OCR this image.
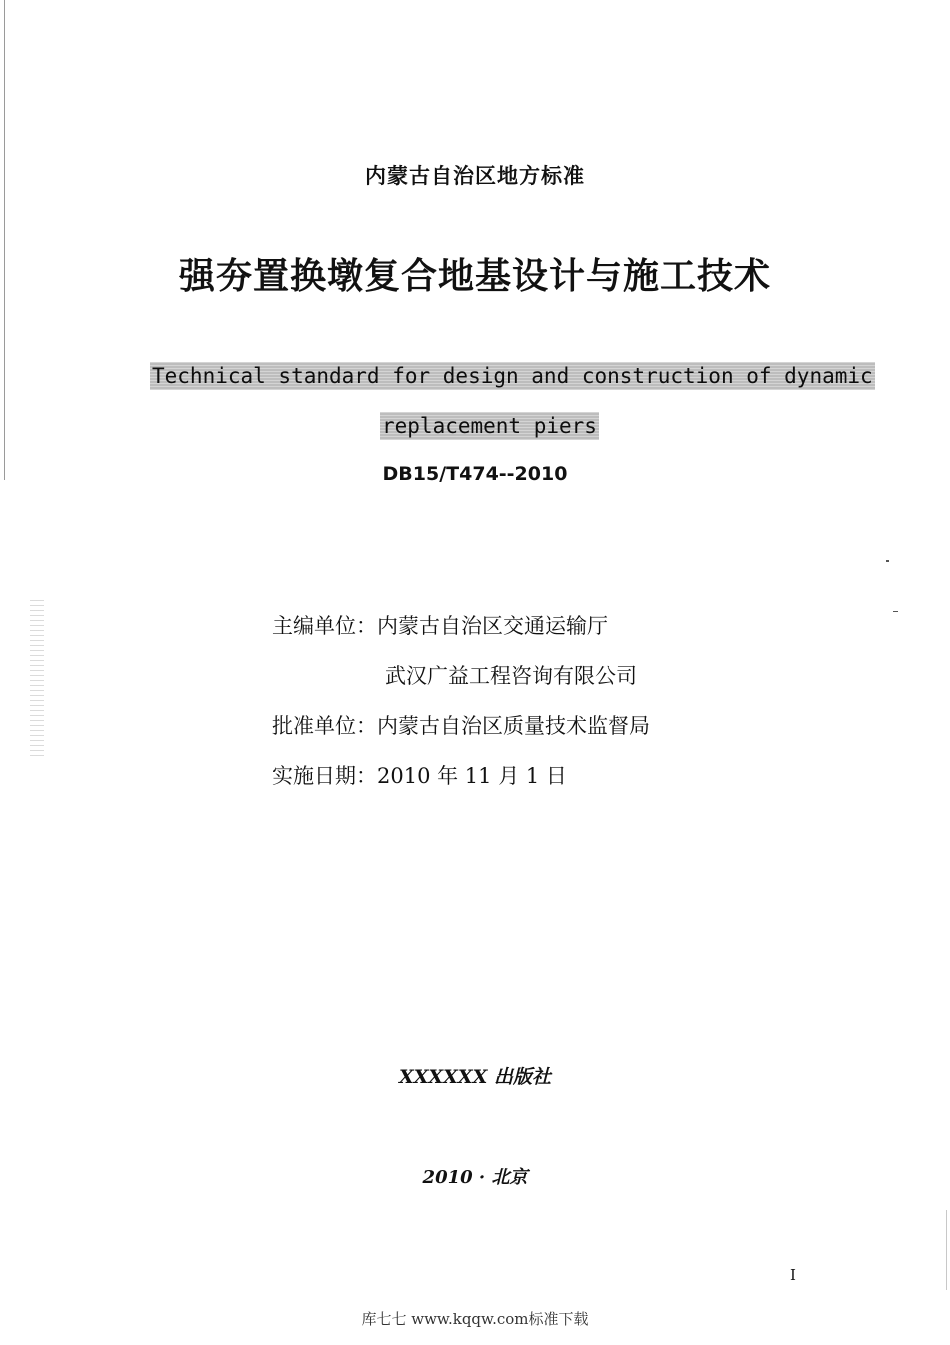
内蒙古自治区地方标准
强夯置换墩复合地基设计与施工技术
Technical standard for design and construction of dynamic
replacement piers
DB15/T474--2010
主编单位：内蒙古自治区交通运输厅
武汉广益工程咨询有限公司
批准单位：内蒙古自治区质量技术监督局
实施日期：2010 年 11 月 1 日
XXXXXX 出版社
2010 · 北京
I
库七七 www.kqqw.com标准下载
